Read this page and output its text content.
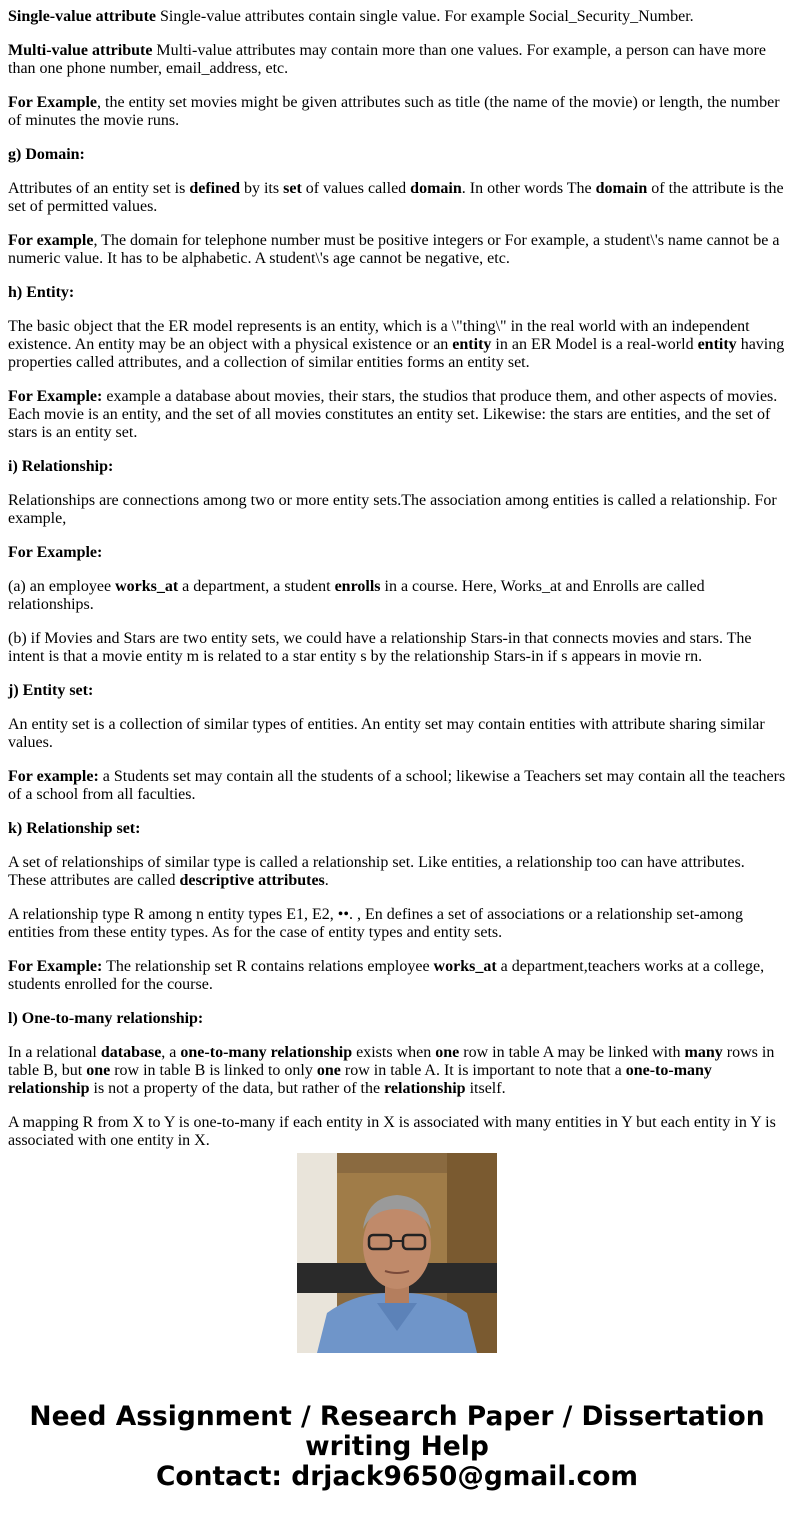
Single-value attribute Single-value attributes contain single value. For example Social_Security_Number.

Multi-value attribute Multi-value attributes may contain more than one values. For example, a person can have more than one phone number, email_address, etc.

For Example, the entity set movies might be given attributes such as title (the name of the movie) or length, the number of minutes the movie runs.

g) Domain:

Attributes of an entity set is defined by its set of values called domain. In other words The domain of the attribute is the set of permitted values.

For example, The domain for telephone number must be positive integers or For example, a student\'s name cannot be a numeric value. It has to be alphabetic. A student\'s age cannot be negative, etc.

h) Entity:

The basic object that the ER model represents is an entity, which is a \"thing\" in the real world with an independent existence. An entity may be an object with a physical existence or an entity in an ER Model is a real-world entity having properties called attributes, and a collection of similar entities forms an entity set.

For Example: example a database about movies, their stars, the studios that produce them, and other aspects of movies. Each movie is an entity, and the set of all movies constitutes an entity set. Likewise: the stars are entities, and the set of stars is an entity set.

i) Relationship:

Relationships are connections among two or more entity sets.The association among entities is called a relationship. For example,

For Example:

(a) an employee works_at a department, a student enrolls in a course. Here, Works_at and Enrolls are called relationships.

(b) if Movies and Stars are two entity sets, we could have a relationship Stars-in that connects movies and stars. The intent is that a movie entity m is related to a star entity s by the relationship Stars-in if s appears in movie rn.

j) Entity set:

An entity set is a collection of similar types of entities. An entity set may contain entities with attribute sharing similar values.

For example: a Students set may contain all the students of a school; likewise a Teachers set may contain all the teachers of a school from all faculties.

k) Relationship set:

A set of relationships of similar type is called a relationship set. Like entities, a relationship too can have attributes. These attributes are called descriptive attributes.

A relationship type R among n entity types E1, E2, ••. , En defines a set of associations or a relationship set-among entities from these entity types. As for the case of entity types and entity sets.

For Example: The relationship set R contains relations employee works_at a department,teachers works at a college, students enrolled for the course.

l) One-to-many relationship:

In a relational database, a one-to-many relationship exists when one row in table A may be linked with many rows in table B, but one row in table B is linked to only one row in table A. It is important to note that a one-to-many relationship is not a property of the data, but rather of the relationship itself.

A mapping R from X to Y is one-to-many if each entity in X is associated with many entities in Y but each entity in Y is associated with one entity in X.

Need Assignment / Research Paper / Dissertation
writing Help
Contact: drjack9650@gmail.com
